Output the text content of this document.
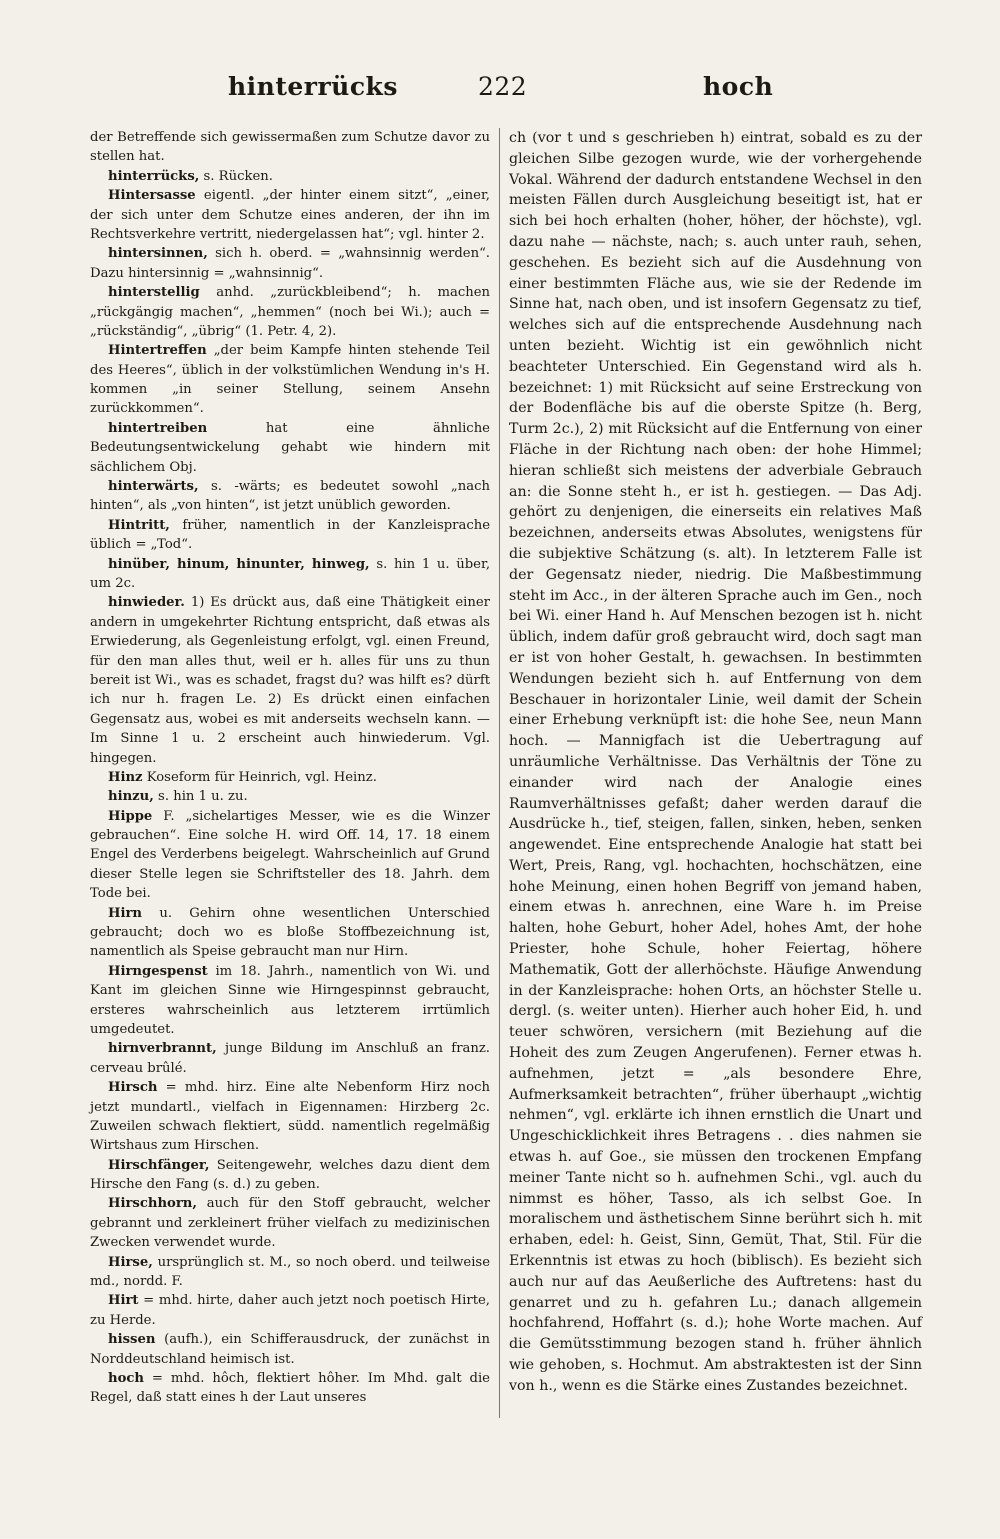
hinterrücks	222	hoch

der Betreffende sich gewissermaßen zum Schutze davor zu stellen hat.

hinterrücks, s. Rücken.

Hintersasse eigentl. „der hinter einem sitzt“, „einer, der sich unter dem Schutze eines anderen, der ihn im Rechtsverkehre vertritt, niedergelassen hat“; vgl. hinter 2.

hintersinnen, sich h. oberd. = „wahnsinnig werden“. Dazu hintersinnig = „wahnsinnig“.

hinterstellig anhd. „zurückbleibend“; h. machen „rückgängig machen“, „hemmen“ (noch bei Wi.); auch = „rückständig“, „übrig“ (1. Petr. 4, 2).

Hintertreffen „der beim Kampfe hinten stehende Teil des Heeres“, üblich in der volkstümlichen Wendung in's H. kommen „in seiner Stellung, seinem Ansehn zurückkommen“.

hintertreiben hat eine ähnliche Bedeutungsentwickelung gehabt wie hindern mit sächlichem Obj.

hinterwärts, s. -wärts; es bedeutet sowohl „nach hinten“, als „von hinten“, ist jetzt unüblich geworden.

Hintritt, früher, namentlich in der Kanzleisprache üblich = „Tod“.

hinüber, hinum, hinunter, hinweg, s. hin 1 u. über, um 2c.

hinwieder. 1) Es drückt aus, daß eine Thätigkeit einer andern in umgekehrter Richtung entspricht, daß etwas als Erwiederung, als Gegenleistung erfolgt, vgl. einen Freund, für den man alles thut, weil er h. alles für uns zu thun bereit ist Wi., was es schadet, fragst du? was hilft es? dürft ich nur h. fragen Le. 2) Es drückt einen einfachen Gegensatz aus, wobei es mit anderseits wechseln kann. — Im Sinne 1 u. 2 erscheint auch hinwiederum. Vgl. hingegen.

Hinz Koseform für Heinrich, vgl. Heinz.

hinzu, s. hin 1 u. zu.

Hippe F. „sichelartiges Messer, wie es die Winzer gebrauchen“. Eine solche H. wird Off. 14, 17. 18 einem Engel des Verderbens beigelegt. Wahrscheinlich auf Grund dieser Stelle legen sie Schriftsteller des 18. Jahrh. dem Tode bei.

Hirn u. Gehirn ohne wesentlichen Unterschied gebraucht; doch wo es bloße Stoffbezeichnung ist, namentlich als Speise gebraucht man nur Hirn.

Hirngespenst im 18. Jahrh., namentlich von Wi. und Kant im gleichen Sinne wie Hirngespinnst gebraucht, ersteres wahrscheinlich aus letzterem irrtümlich umgedeutet.

hirnverbrannt, junge Bildung im Anschluß an franz. cerveau brûlé.

Hirsch = mhd. hirz. Eine alte Nebenform Hirz noch jetzt mundartl., vielfach in Eigennamen: Hirzberg 2c. Zuweilen schwach flektiert, südd. namentlich regelmäßig Wirtshaus zum Hirschen.

Hirschfänger, Seitengewehr, welches dazu dient dem Hirsche den Fang (s. d.) zu geben.

Hirschhorn, auch für den Stoff gebraucht, welcher gebrannt und zerkleinert früher vielfach zu medizinischen Zwecken verwendet wurde.

Hirse, ursprünglich st. M., so noch oberd. und teilweise md., nordd. F.

Hirt = mhd. hirte, daher auch jetzt noch poetisch Hirte, zu Herde.

hissen (aufh.), ein Schifferausdruck, der zunächst in Norddeutschland heimisch ist.

hoch = mhd. hôch, flektiert hôher. Im Mhd. galt die Regel, daß statt eines h der Laut unseres

ch (vor t und s geschrieben h) eintrat, sobald es zu der gleichen Silbe gezogen wurde, wie der vorhergehende Vokal. Während der dadurch entstandene Wechsel in den meisten Fällen durch Ausgleichung beseitigt ist, hat er sich bei hoch erhalten (hoher, höher, der höchste), vgl. dazu nahe — nächste, nach; s. auch unter rauh, sehen, geschehen. Es bezieht sich auf die Ausdehnung von einer bestimmten Fläche aus, wie sie der Redende im Sinne hat, nach oben, und ist insofern Gegensatz zu tief, welches sich auf die entsprechende Ausdehnung nach unten bezieht. Wichtig ist ein gewöhnlich nicht beachteter Unterschied. Ein Gegenstand wird als h. bezeichnet: 1) mit Rücksicht auf seine Erstreckung von der Bodenfläche bis auf die oberste Spitze (h. Berg, Turm 2c.), 2) mit Rücksicht auf die Entfernung von einer Fläche in der Richtung nach oben: der hohe Himmel; hieran schließt sich meistens der adverbiale Gebrauch an: die Sonne steht h., er ist h. gestiegen. — Das Adj. gehört zu denjenigen, die einerseits ein relatives Maß bezeichnen, anderseits etwas Absolutes, wenigstens für die subjektive Schätzung (s. alt). In letzterem Falle ist der Gegensatz nieder, niedrig. Die Maßbestimmung steht im Acc., in der älteren Sprache auch im Gen., noch bei Wi. einer Hand h. Auf Menschen bezogen ist h. nicht üblich, indem dafür groß gebraucht wird, doch sagt man er ist von hoher Gestalt, h. gewachsen. In bestimmten Wendungen bezieht sich h. auf Entfernung von dem Beschauer in horizontaler Linie, weil damit der Schein einer Erhebung verknüpft ist: die hohe See, neun Mann hoch. — Mannigfach ist die Uebertragung auf unräumliche Verhältnisse. Das Verhältnis der Töne zu einander wird nach der Analogie eines Raumverhältnisses gefaßt; daher werden darauf die Ausdrücke h., tief, steigen, fallen, sinken, heben, senken angewendet. Eine entsprechende Analogie hat statt bei Wert, Preis, Rang, vgl. hochachten, hochschätzen, eine hohe Meinung, einen hohen Begriff von jemand haben, einem etwas h. anrechnen, eine Ware h. im Preise halten, hohe Geburt, hoher Adel, hohes Amt, der hohe Priester, hohe Schule, hoher Feiertag, höhere Mathematik, Gott der allerhöchste. Häufige Anwendung in der Kanzleisprache: hohen Orts, an höchster Stelle u. dergl. (s. weiter unten). Hierher auch hoher Eid, h. und teuer schwören, versichern (mit Beziehung auf die Hoheit des zum Zeugen Angerufenen). Ferner etwas h. aufnehmen, jetzt = „als besondere Ehre, Aufmerksamkeit betrachten“, früher überhaupt „wichtig nehmen“, vgl. erklärte ich ihnen ernstlich die Unart und Ungeschicklichkeit ihres Betragens . . dies nahmen sie etwas h. auf Goe., sie müssen den trockenen Empfang meiner Tante nicht so h. aufnehmen Schi., vgl. auch du nimmst es höher, Tasso, als ich selbst Goe. In moralischem und ästhetischem Sinne berührt sich h. mit erhaben, edel: h. Geist, Sinn, Gemüt, That, Stil. Für die Erkenntnis ist etwas zu hoch (biblisch). Es bezieht sich auch nur auf das Aeußerliche des Auftretens: hast du genarret und zu h. gefahren Lu.; danach allgemein hochfahrend, Hoffahrt (s. d.); hohe Worte machen. Auf die Gemütsstimmung bezogen stand h. früher ähnlich wie gehoben, s. Hochmut. Am abstraktesten ist der Sinn von h., wenn es die Stärke eines Zustandes bezeichnet.
